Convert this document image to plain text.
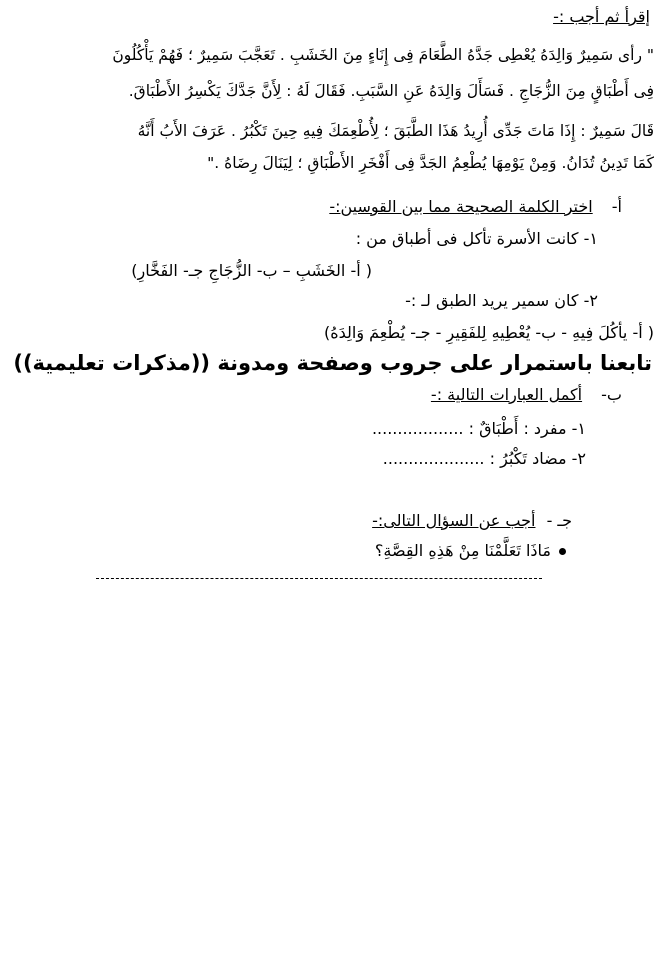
إقرأ ثم أجب :-
" رأى سَمِيرٌ وَالِدَهُ يُعْطِى جَدَّهُ الطَّعَامَ فِى إِنَاءٍ مِنَ الخَشَبِ . تَعَجَّبَ سَمِيرٌ ؛ فَهُمْ يَأْكُلُونَ
فِى أَطْبَاقٍ مِنَ الزُّجَاجِ . فَسَأَلَ وَالِدَهُ عَنِ السَّبَبِ. فَقَالَ لَهُ : لِأَنَّ جَدَّكَ يَكْسِرُ الأَطْبَاقَ.
قَالَ سَمِيرٌ : إِذَا مَاتَ جَدِّى أُرِيدُ هَذَا الطَّبَقَ ؛ لِأُطْعِمَكَ فِيهِ حِينَ تَكْبُرُ . عَرَفَ الأَبُ أَنَّهُ
كَمَا تَدِينُ تُدَانُ. وَمِنْ يَوْمِهَا يُطْعِمُ الجَدَّ فِى أَفْخَرِ الأَطْبَاقِ ؛ لِيَنَالَ رِضَاهُ ."
أ- اختر الكلمة الصحيحة مما بين القوسين:-
١- كانت الأسرة تأكل فى أطباق من :
( أ- الخَشَبِ – ب- الزُّجَاجِ جـ- الفَخَّارِ)
٢- كان سمير يريد الطبق لـ :-
( أ- يأكُلَ فِيهِ - ب- يُعْطِيهِ لِلفَقِيرِ - جـ- يُطْعِمَ وَالِدَهُ)
تابعنا باستمرار على جروب وصفحة ومدونة ((مذكرات تعليمية))
ب- أكمل العبارات التالية :-
١- مفرد : أَطْبَاقٌ : ..................
٢- مضاد تَكْبُرُ : ....................
جـ - أجب عن السؤال التالى:-
مَاذَا تَعَلَّمْنَا مِنْ هَذِهِ القِصَّةِ؟
